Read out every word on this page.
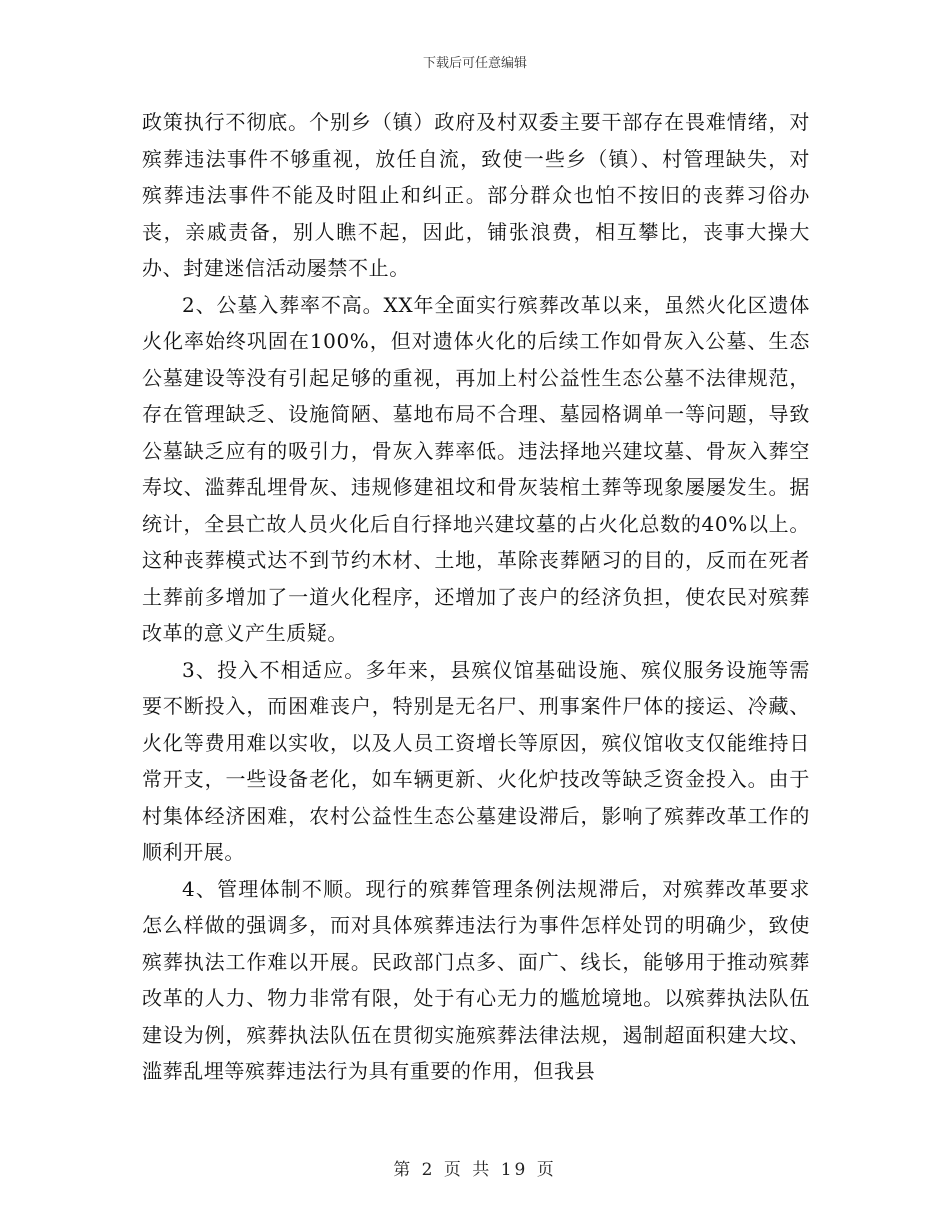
下载后可任意编辑

政策执行不彻底。个别乡（镇）政府及村双委主要干部存在畏难情绪，对殡葬违法事件不够重视，放任自流，致使一些乡（镇）、村管理缺失，对殡葬违法事件不能及时阻止和纠正。部分群众也怕不按旧的丧葬习俗办丧，亲戚责备，别人瞧不起，因此，铺张浪费，相互攀比，丧事大操大办、封建迷信活动屡禁不止。

2、公墓入葬率不高。XX年全面实行殡葬改革以来，虽然火化区遗体火化率始终巩固在100%，但对遗体火化的后续工作如骨灰入公墓、生态公墓建设等没有引起足够的重视，再加上村公益性生态公墓不法律规范，存在管理缺乏、设施简陋、墓地布局不合理、墓园格调单一等问题，导致公墓缺乏应有的吸引力，骨灰入葬率低。违法择地兴建坟墓、骨灰入葬空寿坟、滥葬乱埋骨灰、违规修建祖坟和骨灰装棺土葬等现象屡屡发生。据统计，全县亡故人员火化后自行择地兴建坟墓的占火化总数的40%以上。这种丧葬模式达不到节约木材、土地，革除丧葬陋习的目的，反而在死者土葬前多增加了一道火化程序，还增加了丧户的经济负担，使农民对殡葬改革的意义产生质疑。

3、投入不相适应。多年来，县殡仪馆基础设施、殡仪服务设施等需要不断投入，而困难丧户，特别是无名尸、刑事案件尸体的接运、冷藏、火化等费用难以实收，以及人员工资增长等原因，殡仪馆收支仅能维持日常开支，一些设备老化，如车辆更新、火化炉技改等缺乏资金投入。由于村集体经济困难，农村公益性生态公墓建设滞后，影响了殡葬改革工作的顺利开展。

4、管理体制不顺。现行的殡葬管理条例法规滞后，对殡葬改革要求怎么样做的强调多，而对具体殡葬违法行为事件怎样处罚的明确少，致使殡葬执法工作难以开展。民政部门点多、面广、线长，能够用于推动殡葬改革的人力、物力非常有限，处于有心无力的尴尬境地。以殡葬执法队伍建设为例，殡葬执法队伍在贯彻实施殡葬法律法规，遏制超面积建大坟、滥葬乱埋等殡葬违法行为具有重要的作用，但我县

第 2 页 共 19 页
